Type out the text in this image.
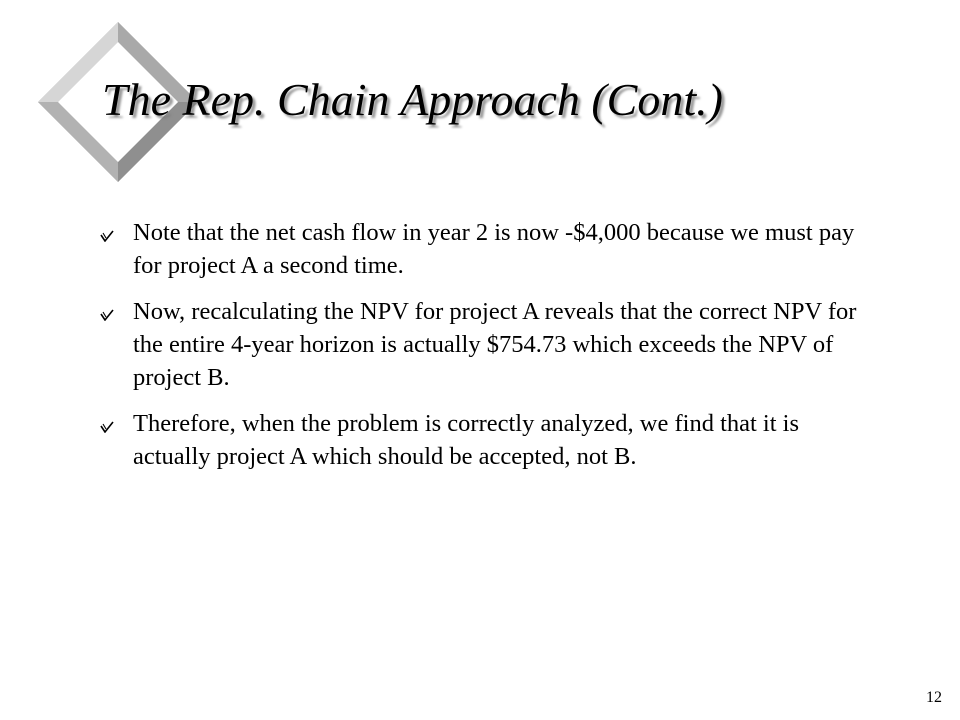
The Rep. Chain Approach (Cont.)
Note that the net cash flow in year 2 is now -$4,000 because we must pay for project A a second time.
Now, recalculating the NPV for project A reveals that the correct NPV for the entire 4-year horizon is actually $754.73 which exceeds the NPV of project B.
Therefore, when the problem is correctly analyzed, we find that it is actually project A which should be accepted, not B.
12
